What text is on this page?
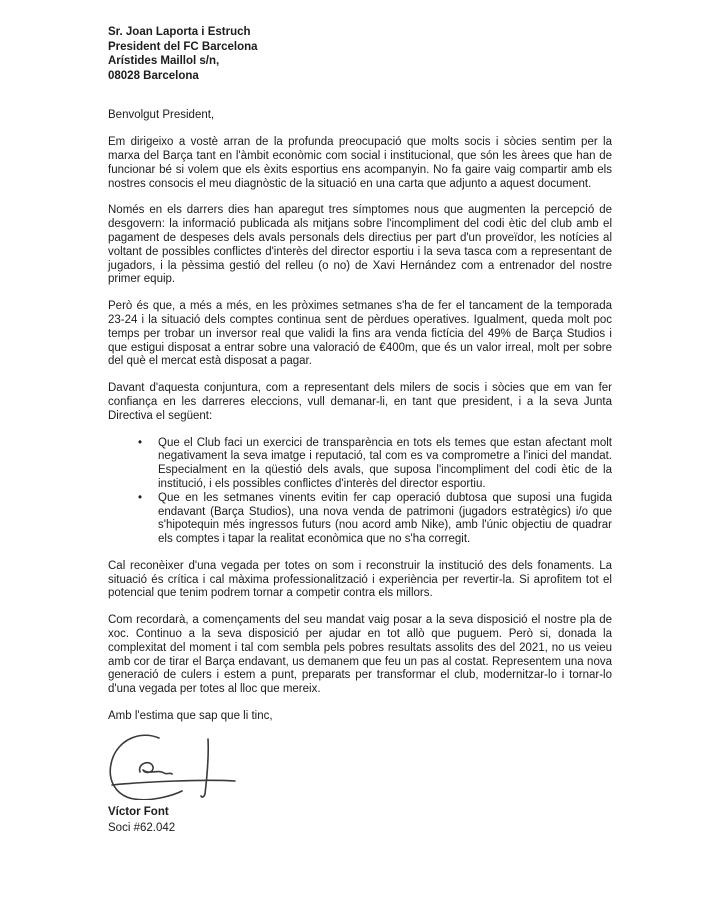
Sr. Joan Laporta i Estruch
President del FC Barcelona
Arístides Maillol s/n,
08028 Barcelona

Benvolgut President,

Em dirigeixo a vostè arran de la profunda preocupació que molts socis i sòcies sentim per la marxa del Barça tant en l'àmbit econòmic com social i institucional, que són les àrees que han de funcionar bé si volem que els èxits esportius ens acompanyin. No fa gaire vaig compartir amb els nostres consocis el meu diagnòstic de la situació en una carta que adjunto a aquest document.

Només en els darrers dies han aparegut tres símptomes nous que augmenten la percepció de desgovern: la informació publicada als mitjans sobre l'incompliment del codi ètic del club amb el pagament de despeses dels avals personals dels directius per part d'un proveïdor, les notícies al voltant de possibles conflictes d'interès del director esportiu i la seva tasca com a representant de jugadors, i la pèssima gestió del relleu (o no) de Xavi Hernández com a entrenador del nostre primer equip.

Però és que, a més a més, en les pròximes setmanes s'ha de fer el tancament de la temporada 23-24 i la situació dels comptes continua sent de pèrdues operatives. Igualment, queda molt poc temps per trobar un inversor real que validi la fins ara venda fictícia del 49% de Barça Studios i que estigui disposat a entrar sobre una valoració de €400m, que és un valor irreal, molt per sobre del què el mercat està disposat a pagar.

Davant d'aquesta conjuntura, com a representant dels milers de socis i sòcies que em van fer confiança en les darreres eleccions, vull demanar-li, en tant que president, i a la seva Junta Directiva el següent:

•	Que el Club faci un exercici de transparència en tots els temes que estan afectant molt negativament la seva imatge i reputació, tal com es va comprometre a l'inici del mandat. Especialment en la qüestió dels avals, que suposa l'incompliment del codi ètic de la institució, i els possibles conflictes d'interès del director esportiu.
•	Que en les setmanes vinents evitin fer cap operació dubtosa que suposi una fugida endavant (Barça Studios), una nova venda de patrimoni (jugadors estratègics) i/o que s'hipotequin més ingressos futurs (nou acord amb Nike), amb l'únic objectiu de quadrar els comptes i tapar la realitat econòmica que no s'ha corregit.

Cal reconèixer d'una vegada per totes on som i reconstruir la institució des dels fonaments. La situació és crítica i cal màxima professionalització i experiència per revertir-la. Si aprofitem tot el potencial que tenim podrem tornar a competir contra els millors.

Com recordarà, a començaments del seu mandat vaig posar a la seva disposició el nostre pla de xoc. Continuo a la seva disposició per ajudar en tot allò que puguem. Però si, donada la complexitat del moment i tal com sembla pels pobres resultats assolits des del 2021, no us veieu amb cor de tirar el Barça endavant, us demanem que feu un pas al costat. Representem una nova generació de culers i estem a punt, preparats per transformar el club, modernitzar-lo i tornar-lo d'una vegada per totes al lloc que mereix.

Amb l'estima que sap que li tinc,

Víctor Font
Soci #62.042
